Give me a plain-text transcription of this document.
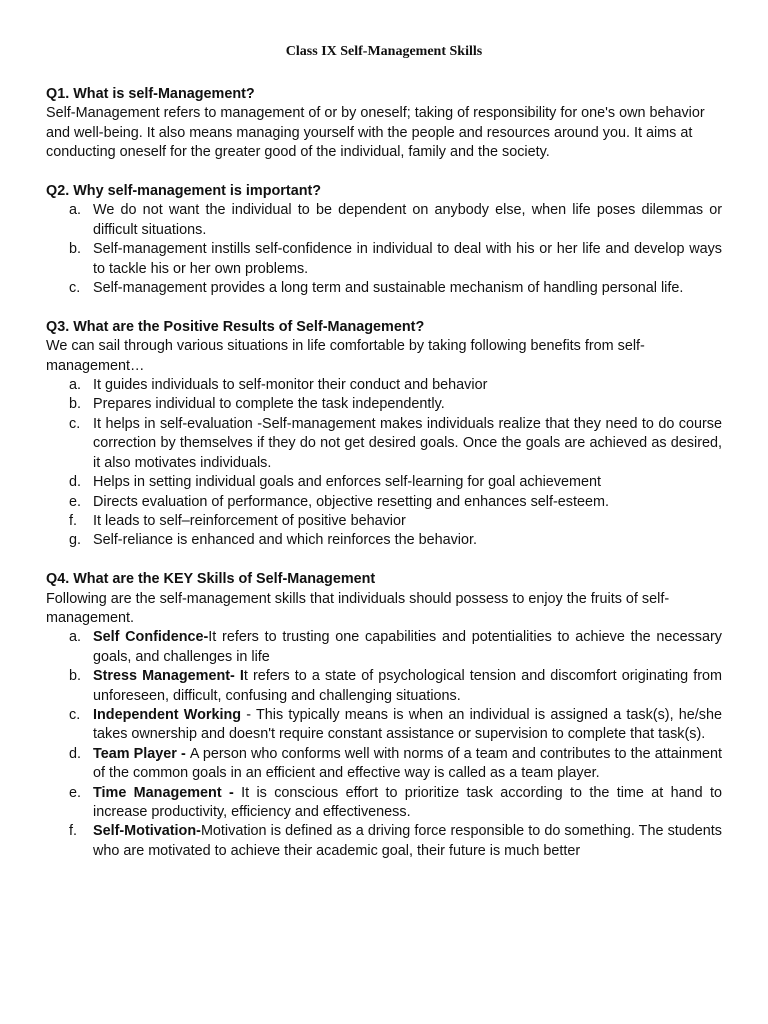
Class IX Self-Management Skills

Q1. What is self-Management?

Self-Management refers to management of or by oneself; taking of responsibility for one's own behavior and well-being. It also means managing yourself with the people and resources around you. It aims at conducting oneself for the greater good of the individual, family and the society.

Q2. Why self-management is important?

a. We do not want the individual to be dependent on anybody else, when life poses dilemmas or difficult situations.
b. Self-management instills self-confidence in individual to deal with his or her life and develop ways to tackle his or her own problems.
c. Self-management provides a long term and sustainable mechanism of handling personal life.

Q3. What are the Positive Results of Self-Management?

We can sail through various situations in life comfortable by taking following benefits from self-management…

a. It guides individuals to self-monitor their conduct and behavior
b. Prepares individual to complete the task independently.
c. It helps in self-evaluation -Self-management makes individuals realize that they need to do course correction by themselves if they do not get desired goals. Once the goals are achieved as desired, it also motivates individuals.
d. Helps in setting individual goals and enforces self-learning for goal achievement
e. Directs evaluation of performance, objective resetting and enhances self-esteem.
f. It leads to self–reinforcement of positive behavior
g. Self-reliance is enhanced and which reinforces the behavior.

Q4. What are the KEY Skills of Self-Management

Following are the self-management skills that individuals should possess to enjoy the fruits of self- management.

a. Self Confidence-It refers to trusting one capabilities and potentialities to achieve the necessary goals, and challenges in life
b. Stress Management- It refers to a state of psychological tension and discomfort originating from unforeseen, difficult, confusing and challenging situations.
c. Independent Working - This typically means is when an individual is assigned a task(s), he/she takes ownership and doesn't require constant assistance or supervision to complete that task(s).
d. Team Player - A person who conforms well with norms of a team and contributes to the attainment of the common goals in an efficient and effective way is called as a team player.
e. Time Management - It is conscious effort to prioritize task according to the time at hand to increase productivity, efficiency and effectiveness.
f. Self-Motivation-Motivation is defined as a driving force responsible to do something. The students who are motivated to achieve their academic goal, their future is much better
